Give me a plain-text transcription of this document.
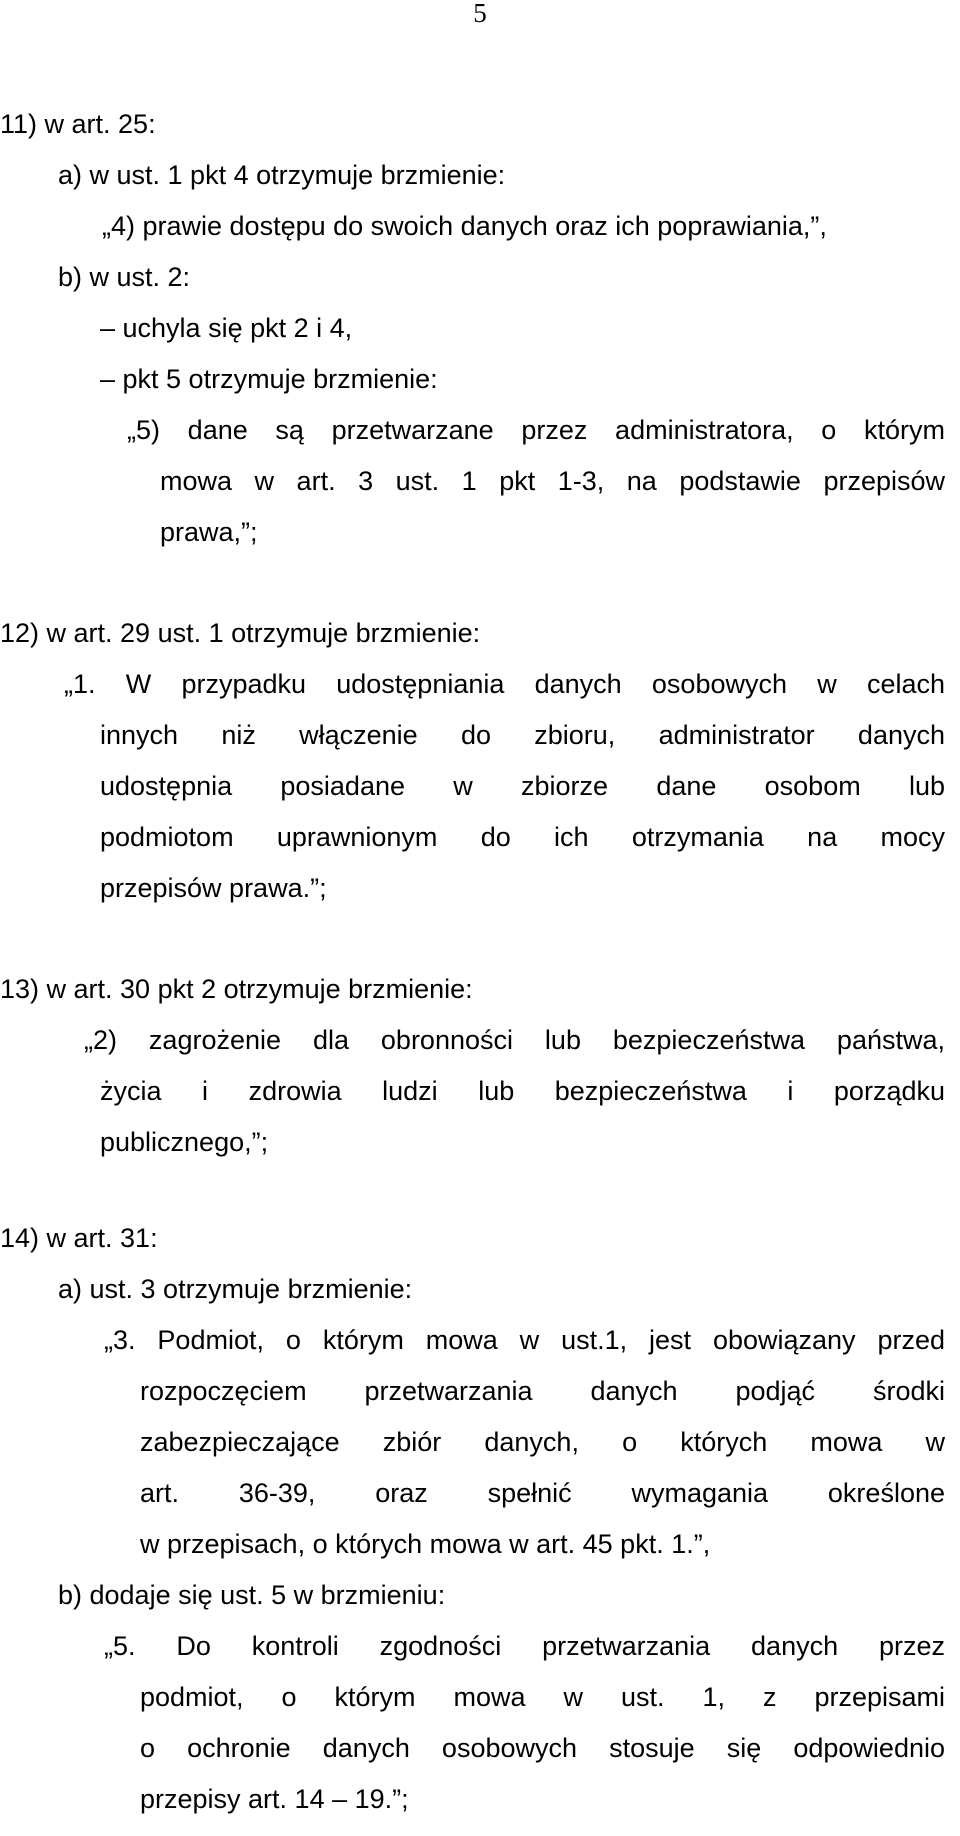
5
11) w art. 25:
a) w ust. 1 pkt 4 otrzymuje brzmienie:
„4) prawie dostępu do swoich danych oraz ich poprawiania,”,
b) w ust. 2:
– uchyla się pkt 2 i 4,
– pkt 5 otrzymuje brzmienie:
„5) dane są przetwarzane przez administratora, o którym
mowa w art. 3 ust. 1 pkt 1-3, na podstawie przepisów
prawa,”;
12) w art. 29 ust. 1 otrzymuje brzmienie:
„1. W przypadku udostępniania danych osobowych w celach
innych niż włączenie do zbioru, administrator danych
udostępnia posiadane w zbiorze dane osobom lub
podmiotom uprawnionym do ich otrzymania na mocy
przepisów prawa.”;
13) w art. 30 pkt 2 otrzymuje brzmienie:
„2) zagrożenie dla obronności lub bezpieczeństwa państwa,
życia i zdrowia ludzi lub bezpieczeństwa i porządku
publicznego,”;
14) w art. 31:
a) ust. 3 otrzymuje brzmienie:
„3. Podmiot, o którym mowa w ust.1, jest obowiązany przed
rozpoczęciem przetwarzania danych podjąć środki
zabezpieczające zbiór danych, o których mowa w
art. 36-39, oraz spełnić wymagania określone
w przepisach, o których mowa w art. 45 pkt. 1.”,
b) dodaje się ust. 5 w brzmieniu:
„5. Do kontroli zgodności przetwarzania danych przez
podmiot, o którym mowa w ust. 1, z przepisami
o ochronie danych osobowych stosuje się odpowiednio
przepisy art. 14 – 19.”;
